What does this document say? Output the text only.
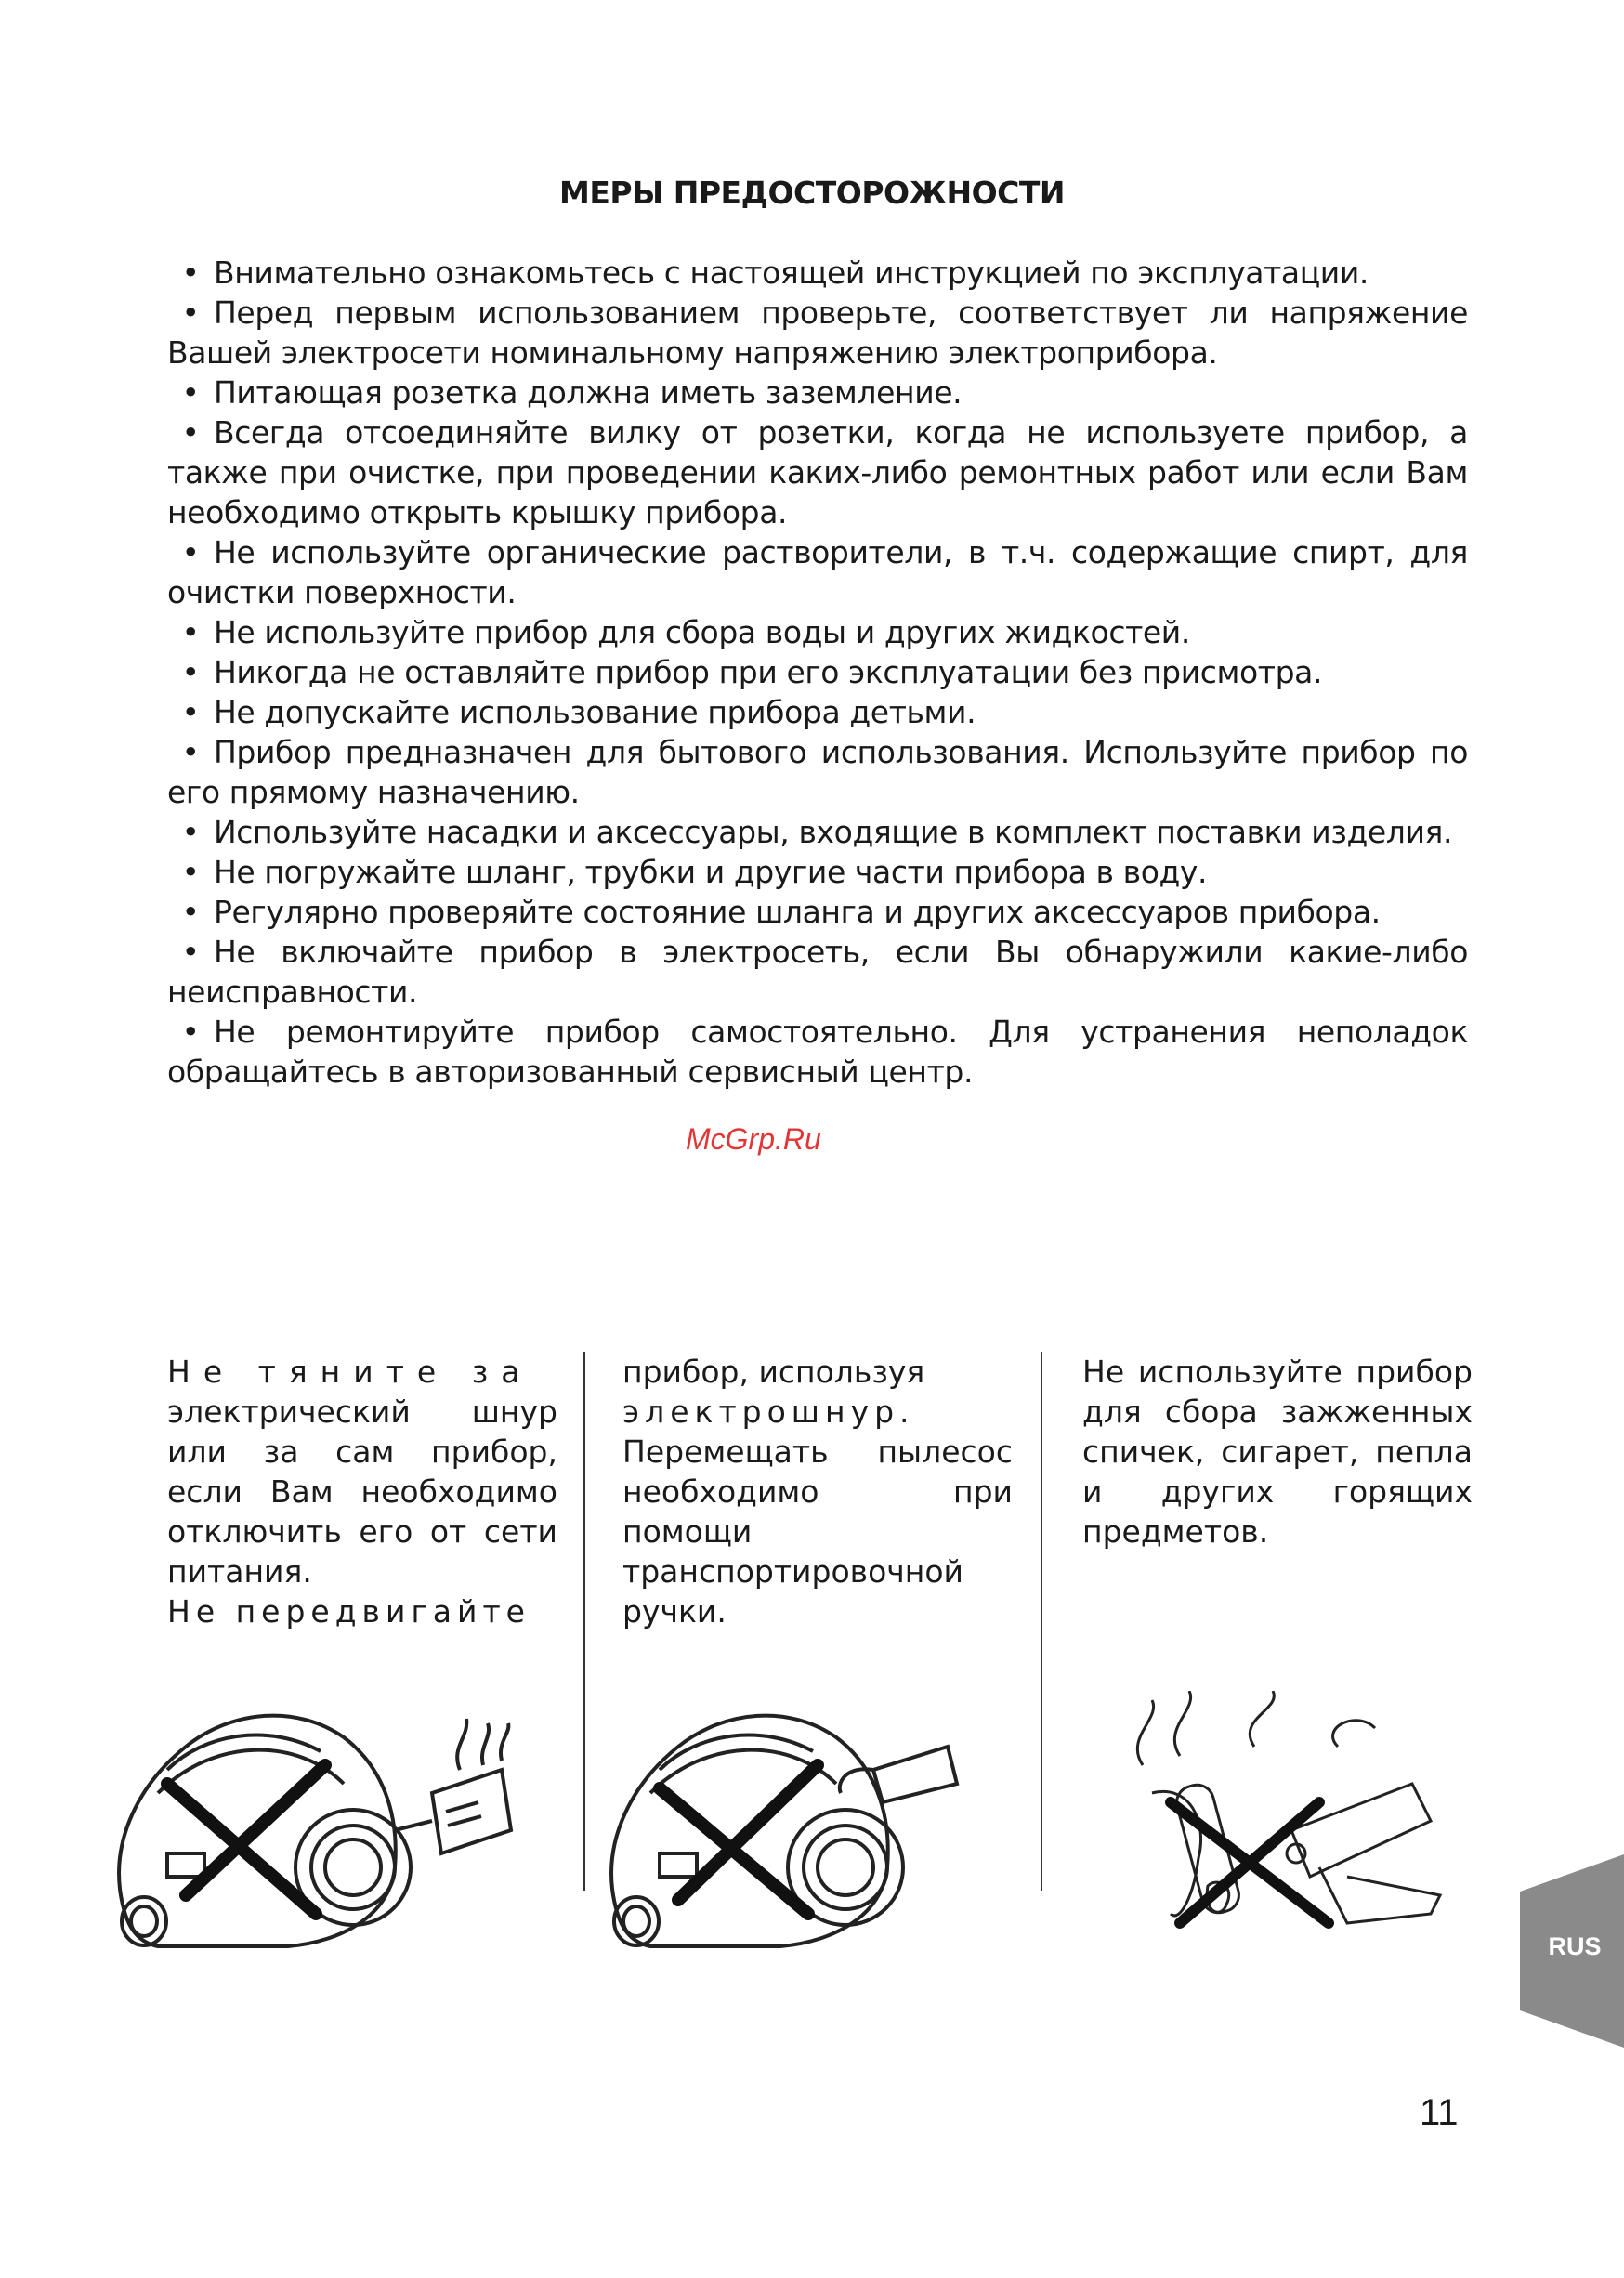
МЕРЫ ПРЕДОСТОРОЖНОСТИ
• Внимательно ознакомьтесь с настоящей инструкцией по эксплуатации.
• Перед первым использованием проверьте, соответствует ли напряжение Вашей электросети номинальному напряжению электроприбора.
• Питающая розетка должна иметь заземление.
• Всегда отсоединяйте вилку от розетки, когда не используете прибор, а также при очистке, при проведении каких-либо ремонтных работ или если Вам необходимо открыть крышку прибора.
• Не используйте органические растворители, в т.ч. содержащие спирт, для очистки поверхности.
• Не используйте прибор для сбора воды и других жидкостей.
• Никогда не оставляйте прибор при его эксплуатации без присмотра.
• Не допускайте использование прибора детьми.
• Прибор предназначен для бытового использования. Используйте прибор по его прямому назначению.
• Используйте насадки и аксессуары, входящие в комплект поставки изделия.
• Не погружайте шланг, трубки и другие части прибора в воду.
• Регулярно проверяйте состояние шланга и других аксессуаров прибора.
• Не включайте прибор в электросеть, если Вы обнаружили какие-либо неисправности.
• Не ремонтируйте прибор самостоятельно. Для устранения неполадок обращайтесь в авторизованный сервисный центр.
McGrp.Ru
Не тяните за
электрический шнур или за сам прибор, если Вам необходимо отключить его от сети питания.
Не передвигайте
прибор, используя
электрошнур.
Перемещать пылесос необходимо при помощи транспортировочной ручки.
Не используйте прибор для сбора зажженных спичек, сигарет, пепла и других горящих предметов.
RUS
11
